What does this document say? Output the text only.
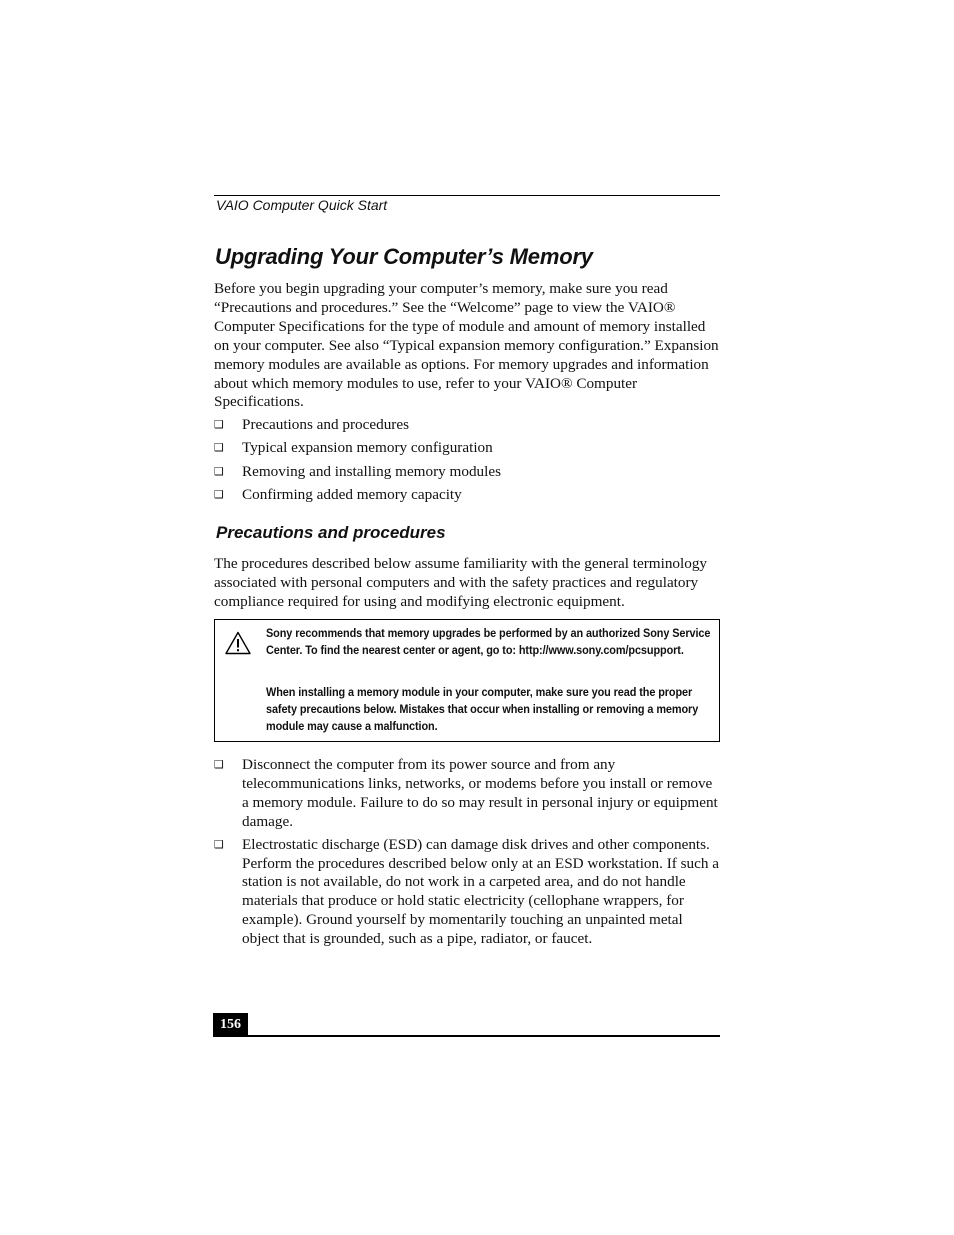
VAIO Computer Quick Start
Upgrading Your Computer’s Memory

Before you begin upgrading your computer’s memory, make sure you read “Precautions and procedures.” See the “Welcome” page to view the VAIO® Computer Specifications for the type of module and amount of memory installed on your computer. See also “Typical expansion memory configuration.” Expansion memory modules are available as options. For memory upgrades and information about which memory modules to use, refer to your VAIO® Computer Specifications.

❑ Precautions and procedures
❑ Typical expansion memory configuration
❑ Removing and installing memory modules
❑ Confirming added memory capacity
Precautions and procedures

The procedures described below assume familiarity with the general terminology associated with personal computers and with the safety practices and regulatory compliance required for using and modifying electronic equipment.

Sony recommends that memory upgrades be performed by an authorized Sony Service Center. To find the nearest center or agent, go to: http://www.sony.com/pcsupport.

When installing a memory module in your computer, make sure you read the proper safety precautions below. Mistakes that occur when installing or removing a memory module may cause a malfunction.

❑ Disconnect the computer from its power source and from any telecommunications links, networks, or modems before you install or remove a memory module. Failure to do so may result in personal injury or equipment damage.
❑ Electrostatic discharge (ESD) can damage disk drives and other components. Perform the procedures described below only at an ESD workstation. If such a station is not available, do not work in a carpeted area, and do not handle materials that produce or hold static electricity (cellophane wrappers, for example). Ground yourself by momentarily touching an unpainted metal object that is grounded, such as a pipe, radiator, or faucet.
156
